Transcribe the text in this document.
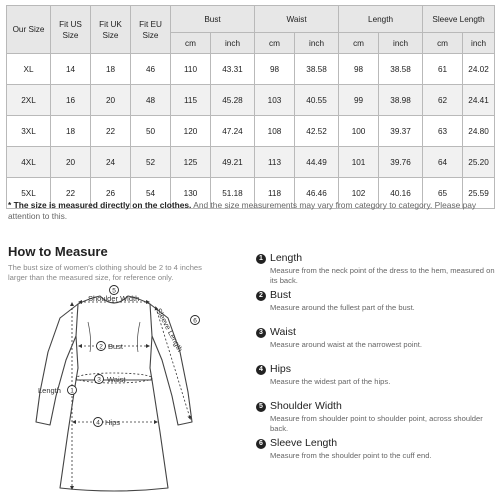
Our Size	Fit US Size	Fit UK Size	Fit EU Size	Bust		Waist		Length		Sleeve Length	
				cm	inch	cm	inch	cm	inch	cm	inch
XL	14	18	46	110	43.31	98	38.58	98	38.58	61	24.02
2XL	16	20	48	115	45.28	103	40.55	99	38.98	62	24.41
3XL	18	22	50	120	47.24	108	42.52	100	39.37	63	24.80
4XL	20	24	52	125	49.21	113	44.49	101	39.76	64	25.20
5XL	22	26	54	130	51.18	118	46.46	102	40.16	65	25.59
* The size is measured directly on the clothes. And the size measurements may vary from category to category. Please pay attention to this.
How to Measure
The bust size of women's clothing should be 2 to 4 inches larger than the measured size, for reference only.
5
Shoulder Width
6
Sleeve Length
2 Bust
3 Waist
1
Length
4 Hips
1 Length
Measure from the neck point of the dress to the hem, measured on its back.
2 Bust
Measure around the fullest part of the bust.
3 Waist
Measure around waist at the narrowest point.
4 Hips
Measure the widest part of the hips.
5 Shoulder Width
Measure from shoulder point to shoulder point, across shoulder back.
6 Sleeve Length
Measure from the shoulder point to the cuff end.
